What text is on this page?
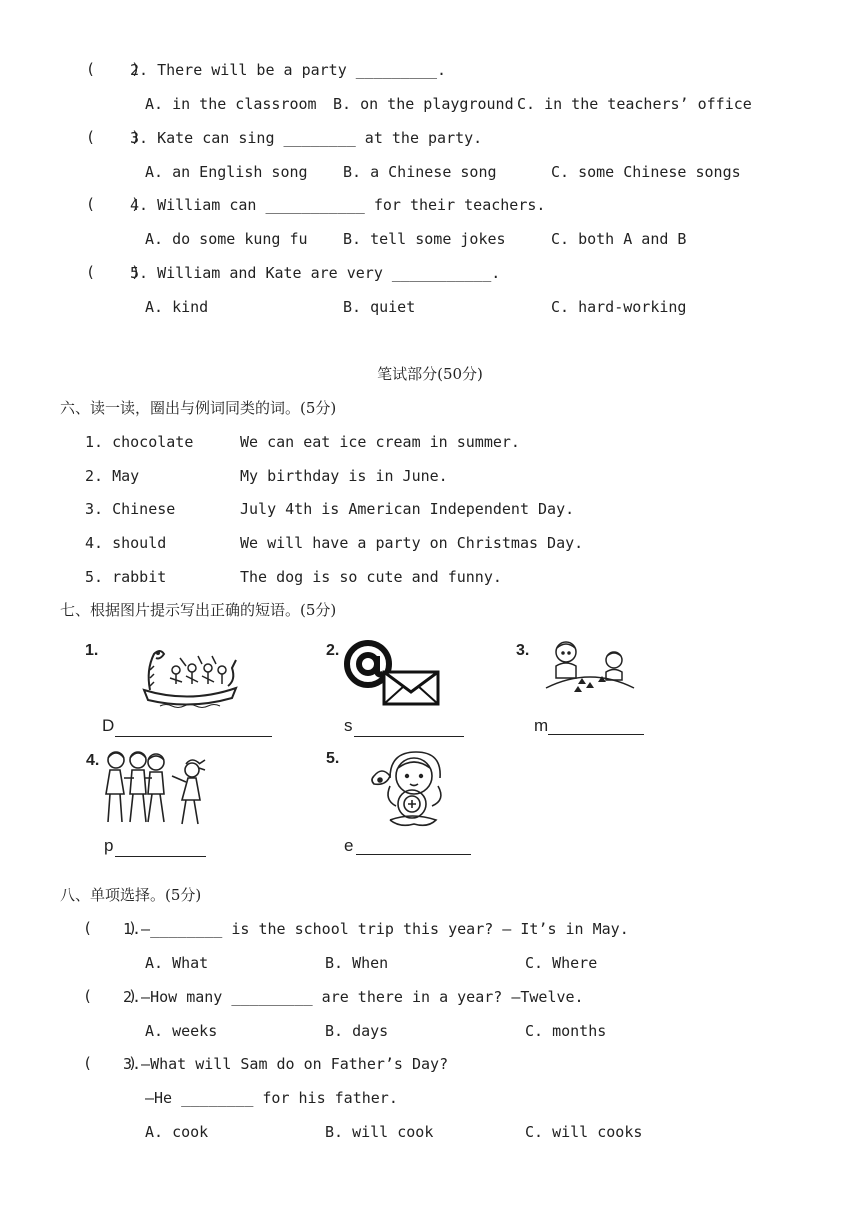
(    )
2. There will be a party _________.
A. in the classroom B. on the playground C. in the teachers’ office
(    )
3. Kate can sing ________ at the party.
A. an English song B. a Chinese song	C. some Chinese songs
(    )
4. William can ___________ for their teachers.
A. do some kung fu B. tell some jokes	C. both A and B
(    )
5. William and Kate are very ___________.
A. kind	B. quiet	C. hard-working
笔试部分(50分)
六、读一读，圈出与例词同类的词。(5分)
1. chocolate	We can eat ice cream in summer.
2. May	My birthday is in June.
3. Chinese	July 4th is American Independent Day.
4. should	We will have a party on Christmas Day.
5. rabbit	The dog is so cute and funny.
七、根据图片提示写出正确的短语。(5分)
1.
D
2.
s
3.
m
4.
p
5.
e
八、单项选择。(5分)
(    )
1.—________ is the school trip this year? — It’s in May.
A. What	B. When	C. Where
(    )
2.—How many _________ are there in a year? —Twelve.
A. weeks	B. days	C. months
(    )
3.—What will Sam do on Father’s Day?
—He ________ for his father.
A. cook	B. will cook	C. will cooks
